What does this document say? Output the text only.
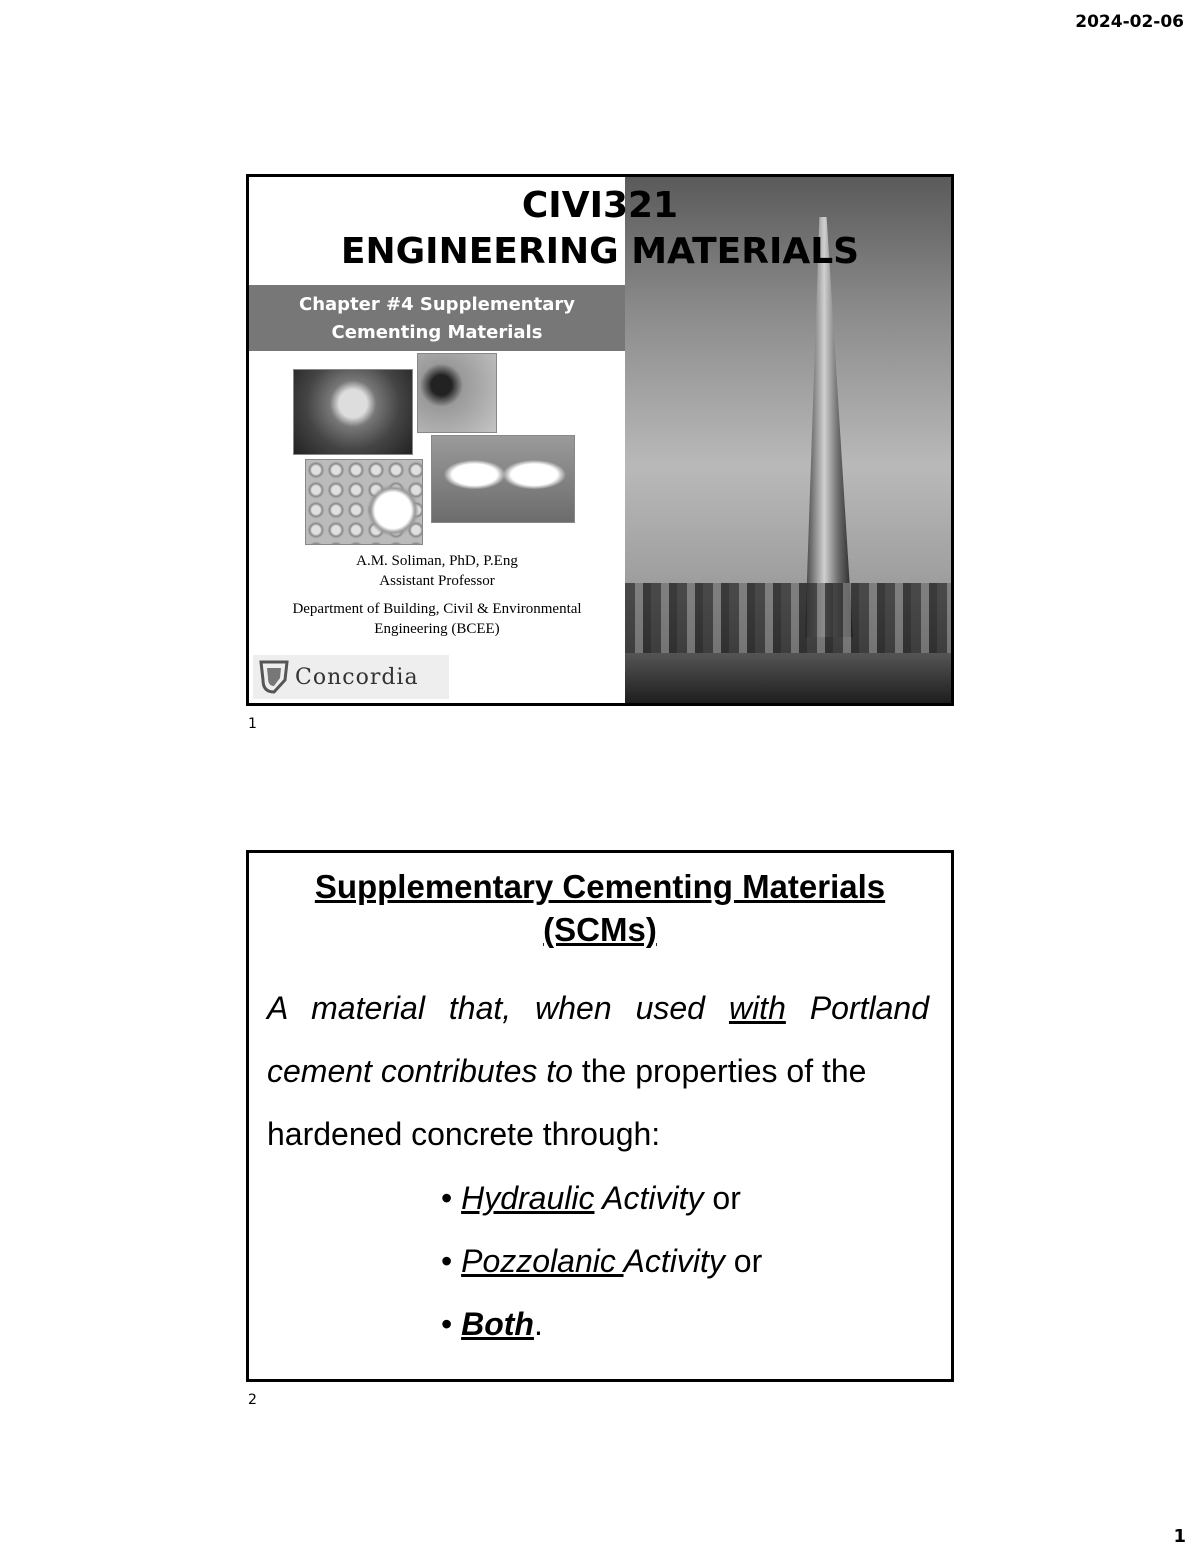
2024-02-06
CIVI321
ENGINEERING MATERIALS
Chapter #4 Supplementary
Cementing Materials
A.M. Soliman, PhD, P.Eng
Assistant Professor
Department of Building, Civil & Environmental
Engineering (BCEE)
Concordia
1
Supplementary Cementing Materials
(SCMs)
A material that, when used with Portland
cement contributes to the properties of the
hardened concrete through:
• Hydraulic Activity or
• Pozzolanic Activity or
• Both.
2
1
